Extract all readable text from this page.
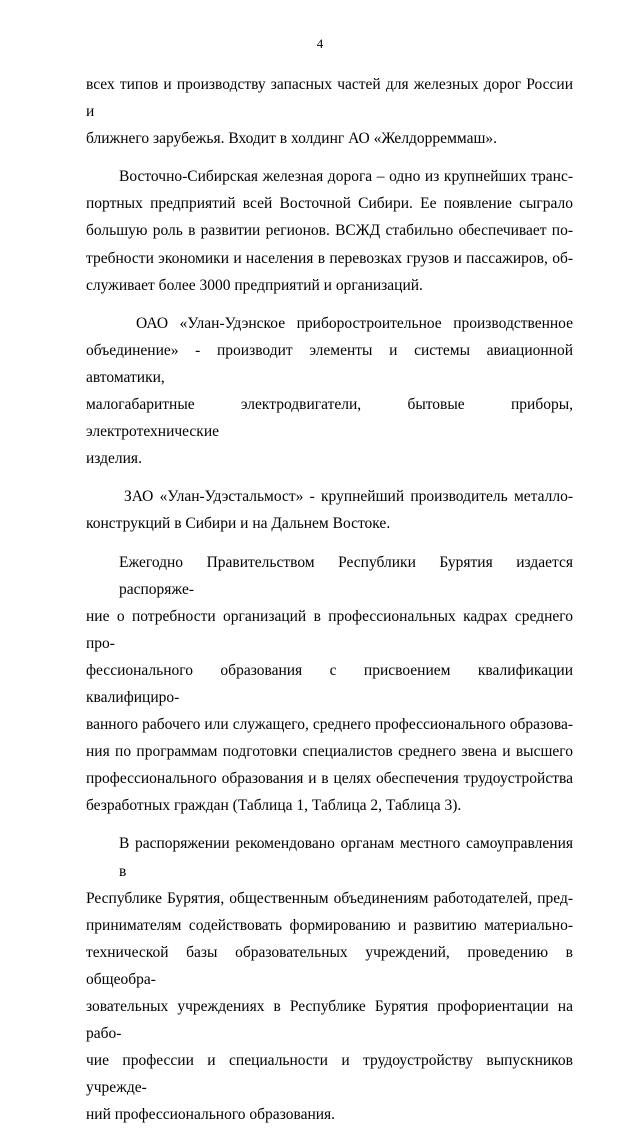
4
всех типов и производству запасных частей для железных дорог России и
ближнего зарубежья. Входит в холдинг АО «Желдорреммаш».
Восточно-Сибирская железная дорога – одно из крупнейших транс-
портных предприятий всей Восточной Сибири. Ее появление сыграло
большую роль в развитии регионов. ВСЖД стабильно обеспечивает по-
требности экономики и населения в перевозках грузов и пассажиров, об-
служивает более 3000 предприятий и организаций.
ОАО «Улан-Удэнское приборостроительное производственное
объединение» - производит элементы и системы авиационной автоматики,
малогабаритные электродвигатели, бытовые приборы, электротехнические
изделия.
ЗАО «Улан-Удэстальмост» - крупнейший производитель металло-
конструкций в Сибири и на Дальнем Востоке.
Ежегодно Правительством Республики Бурятия издается распоряже-
ние о потребности организаций в профессиональных кадрах среднего про-
фессионального образования с присвоением квалификации квалифициро-
ванного рабочего или служащего, среднего профессионального образова-
ния по программам подготовки специалистов среднего звена и высшего
профессионального образования и в целях обеспечения трудоустройства
безработных граждан (Таблица 1, Таблица 2, Таблица 3).
В распоряжении рекомендовано органам местного самоуправления в
Республике Бурятия, общественным объединениям работодателей, пред-
принимателям содействовать формированию и развитию материально-
технической базы образовательных учреждений, проведению в общеобра-
зовательных учреждениях в Республике Бурятия профориентации на рабо-
чие профессии и специальности и трудоустройству выпускников учрежде-
ний профессионального образования.
